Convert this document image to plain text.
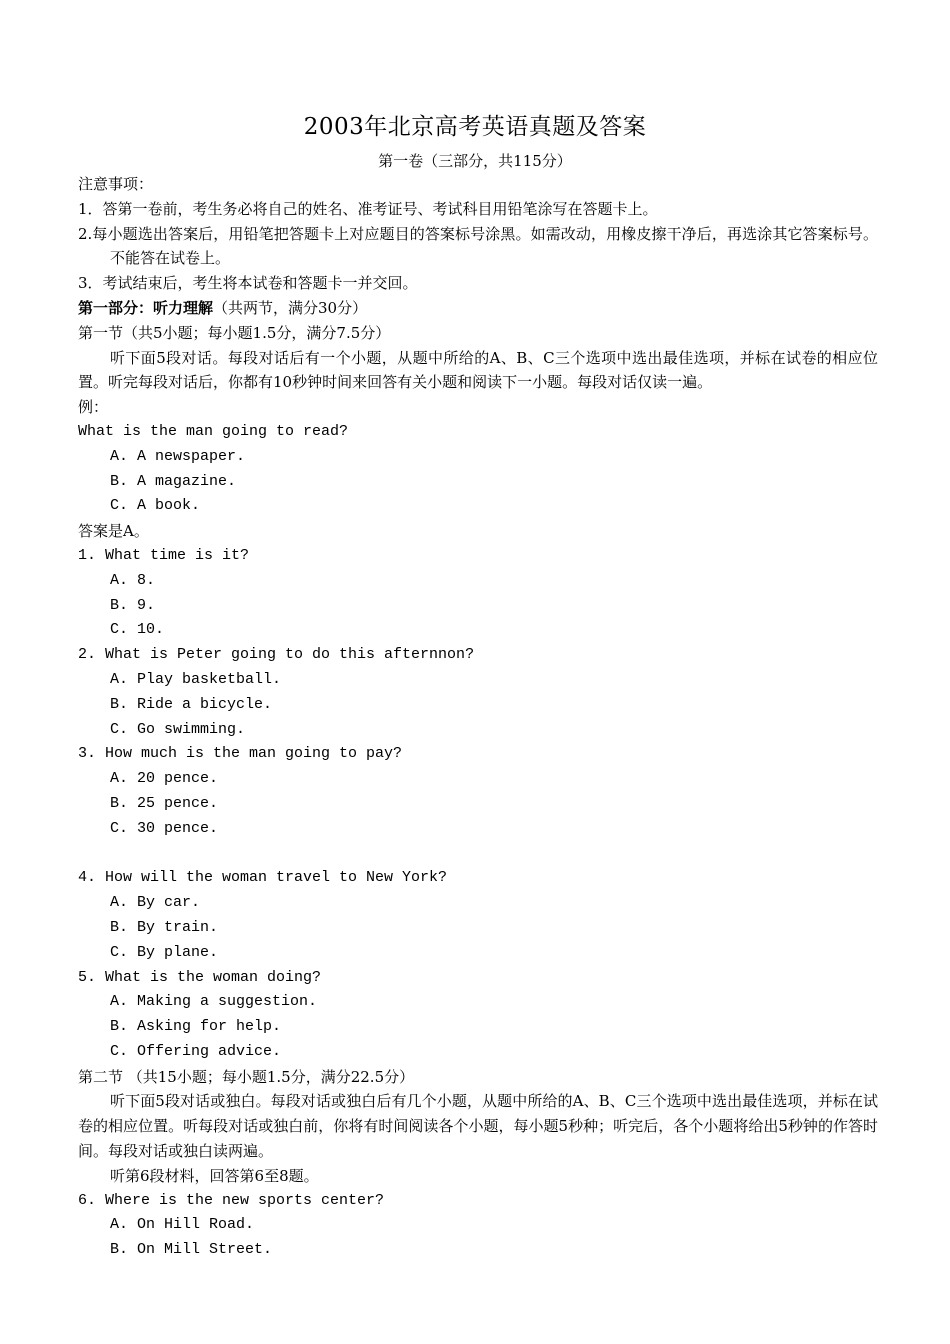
2003年北京高考英语真题及答案
第一卷（三部分，共115分）
注意事项：
1．答第一卷前，考生务必将自己的姓名、准考证号、考试科目用铅笔涂写在答题卡上。
2.每小题选出答案后，用铅笔把答题卡上对应题目的答案标号涂黑。如需改动，用橡皮擦干净后，再选涂其它答案标号。不能答在试卷上。
3．考试结束后，考生将本试卷和答题卡一并交回。
第一部分：听力理解（共两节，满分30分）
第一节（共5小题；每小题1.5分，满分7.5分）
听下面5段对话。每段对话后有一个小题，从题中所给的A、B、C三个选项中选出最佳选项，并标在试卷的相应位置。听完每段对话后，你都有10秒钟时间来回答有关小题和阅读下一小题。每段对话仅读一遍。
例：
What is the man going to read?
A. A newspaper.
B. A magazine.
C. A book.
答案是A。
1. What time is it?
A. 8.
B. 9.
C. 10.
2. What is Peter going to do this afternnon?
A. Play basketball.
B. Ride a bicycle.
C. Go swimming.
3. How much is the man going to pay?
A. 20 pence.
B. 25 pence.
C. 30 pence.
4. How will the woman travel to New York?
A. By car.
B. By train.
C. By plane.
5. What is the woman doing?
A. Making a suggestion.
B. Asking for help.
C. Offering advice.
第二节 （共15小题；每小题1.5分，满分22.5分）
听下面5段对话或独白。每段对话或独白后有几个小题，从题中所给的A、B、C三个选项中选出最佳选项，并标在试卷的相应位置。听每段对话或独白前，你将有时间阅读各个小题，每小题5秒种；听完后，各个小题将给出5秒钟的作答时间。每段对话或独白读两遍。
听第6段材料，回答第6至8题。
6. Where is the new sports center?
A. On Hill Road.
B. On Mill Street.
